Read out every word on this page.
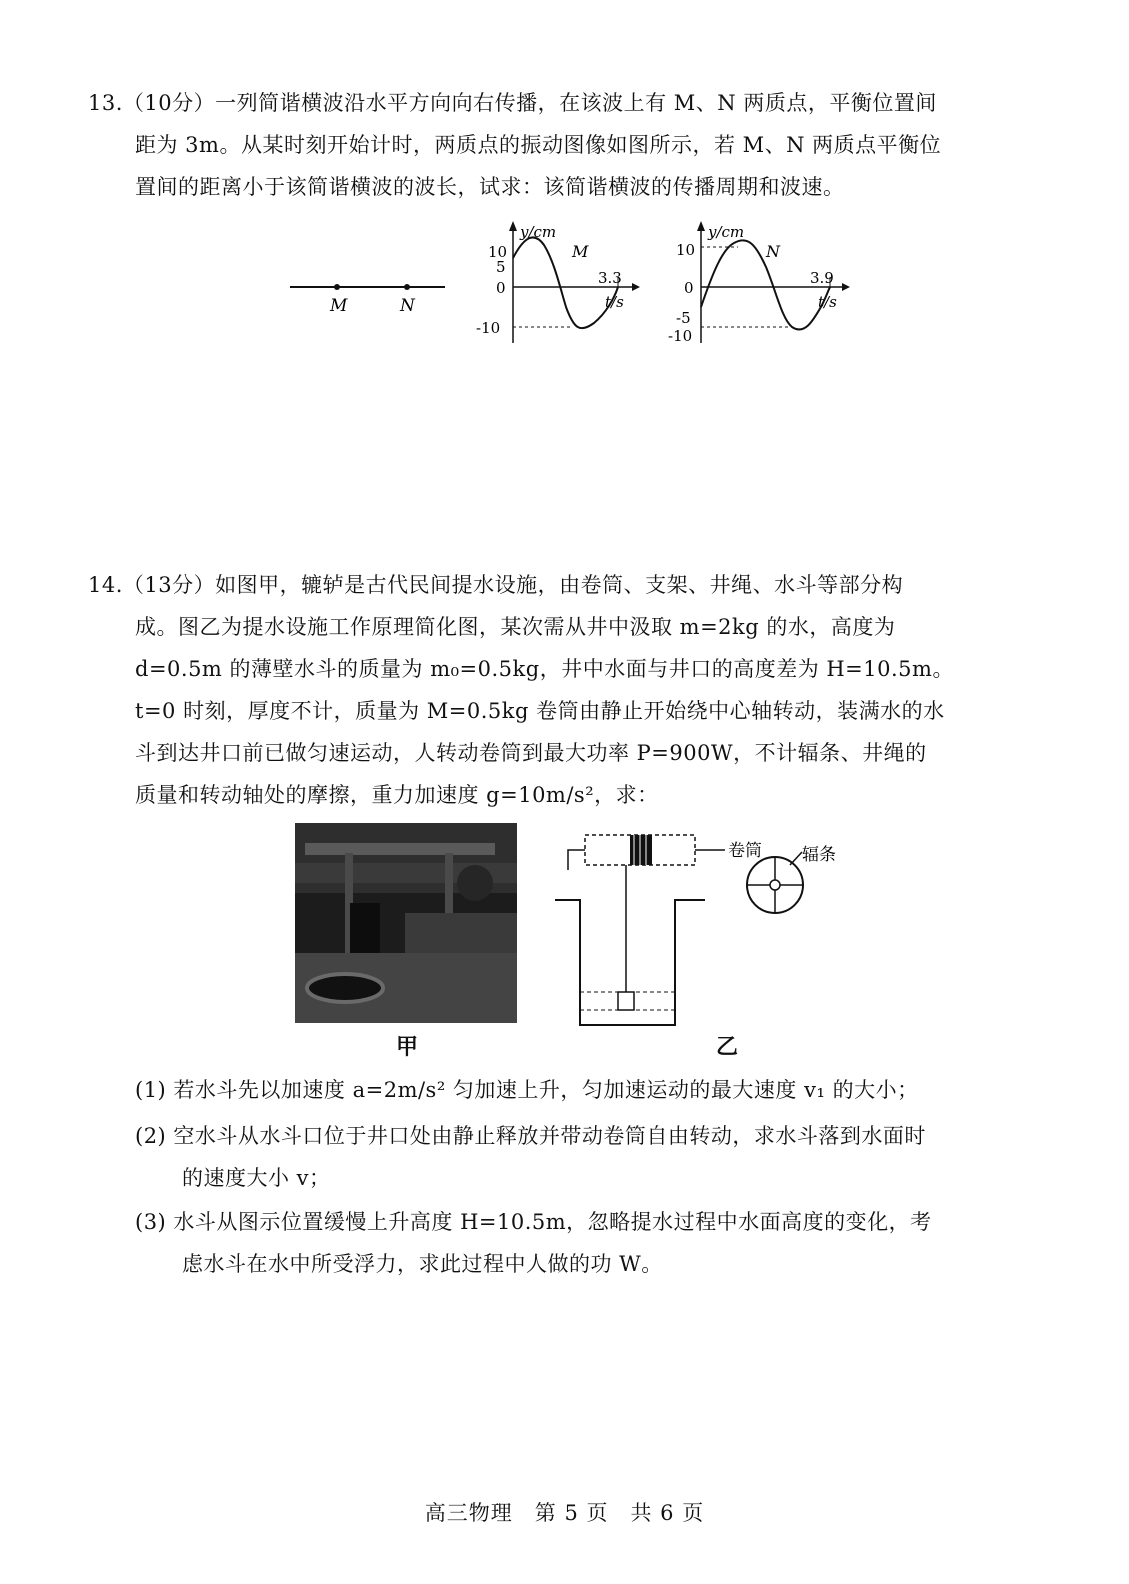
13.（10分）一列简谐横波沿水平方向向右传播，在该波上有 M、N 两质点，平衡位置间
距为 3m。从某时刻开始计时，两质点的振动图像如图所示，若 M、N 两质点平衡位
置间的距离小于该简谐横波的波长，试求：该简谐横波的传播周期和波速。
M	N
y/cm
t/s
M
10
5
0
-10
3.3
y/cm
t/s
N
10
0
-5
-10
3.9
14.（13分）如图甲，辘轳是古代民间提水设施，由卷筒、支架、井绳、水斗等部分构
成。图乙为提水设施工作原理简化图，某次需从井中汲取 m=2kg 的水，高度为
d=0.5m 的薄壁水斗的质量为 m₀=0.5kg，井中水面与井口的高度差为 H=10.5m。
t=0 时刻，厚度不计，质量为 M=0.5kg 卷筒由静止开始绕中心轴转动，装满水的水
斗到达井口前已做匀速运动，人转动卷筒到最大功率 P=900W，不计辐条、井绳的
质量和转动轴处的摩擦，重力加速度 g=10m/s²，求：
甲
卷筒 辐条
乙
(1) 若水斗先以加速度 a=2m/s² 匀加速上升，匀加速运动的最大速度 v₁ 的大小；
(2) 空水斗从水斗口位于井口处由静止释放并带动卷筒自由转动，求水斗落到水面时
的速度大小 v；
(3) 水斗从图示位置缓慢上升高度 H=10.5m，忽略提水过程中水面高度的变化，考
虑水斗在水中所受浮力，求此过程中人做的功 W。
高三物理　第 5 页　共 6 页
